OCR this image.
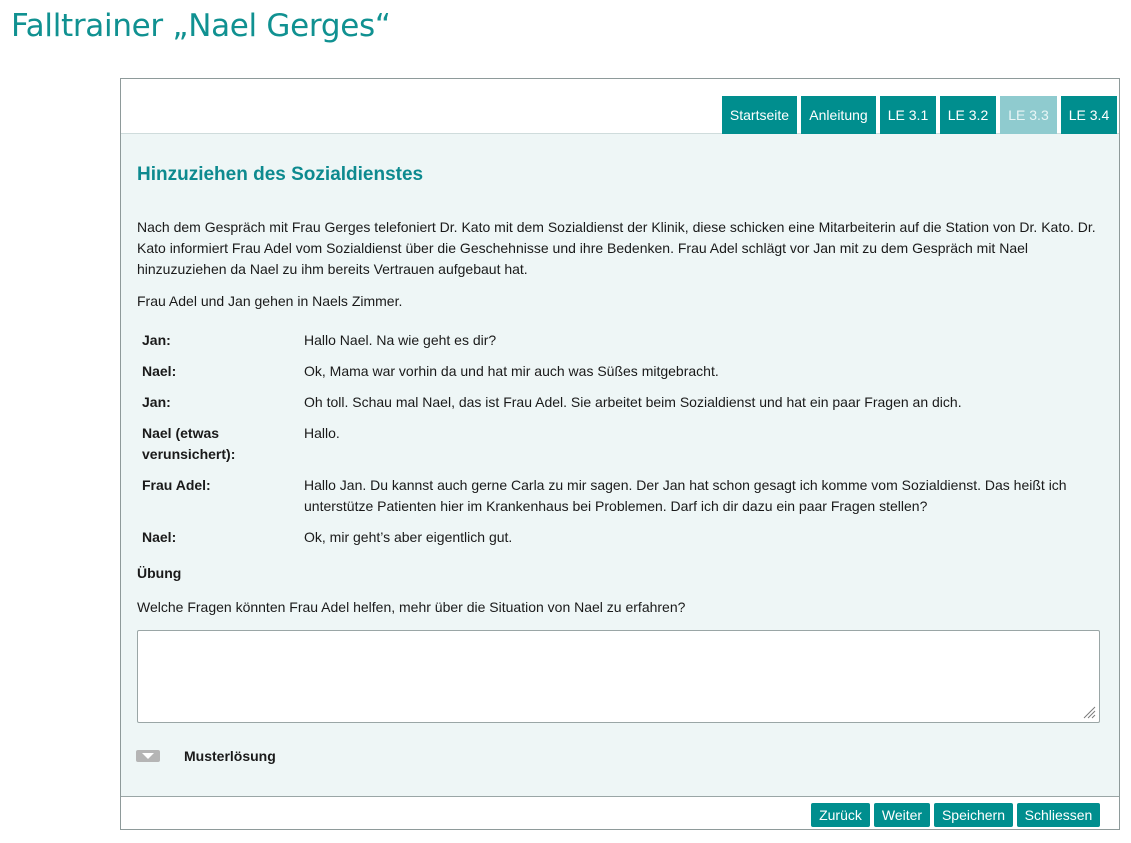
Falltrainer „Nael Gerges“
Startseite	Anleitung	LE 3.1	LE 3.2	LE 3.3	LE 3.4
Hinzuziehen des Sozialdienstes

Nach dem Gespräch mit Frau Gerges telefoniert Dr. Kato mit dem Sozialdienst der Klinik, diese schicken eine Mitarbeiterin auf die Station von Dr. Kato. Dr. Kato informiert Frau Adel vom Sozialdienst über die Geschehnisse und ihre Bedenken. Frau Adel schlägt vor Jan mit zu dem Gespräch mit Nael hinzuzuziehen da Nael zu ihm bereits Vertrauen aufgebaut hat.

Frau Adel und Jan gehen in Naels Zimmer.

Jan:	Hallo Nael. Na wie geht es dir?
Nael:	Ok, Mama war vorhin da und hat mir auch was Süßes mitgebracht.
Jan:	Oh toll. Schau mal Nael, das ist Frau Adel. Sie arbeitet beim Sozialdienst und hat ein paar Fragen an dich.
Nael (etwas verunsichert):
Hallo.
Frau Adel:	Hallo Jan. Du kannst auch gerne Carla zu mir sagen. Der Jan hat schon gesagt ich komme vom Sozialdienst. Das heißt ich unterstütze Patienten hier im Krankenhaus bei Problemen. Darf ich dir dazu ein paar Fragen stellen?
Nael:	Ok, mir geht’s aber eigentlich gut.
Übung
Welche Fragen könnten Frau Adel helfen, mehr über die Situation von Nael zu erfahren?
Musterlösung
Zurück	Weiter	Speichern	Schliessen
